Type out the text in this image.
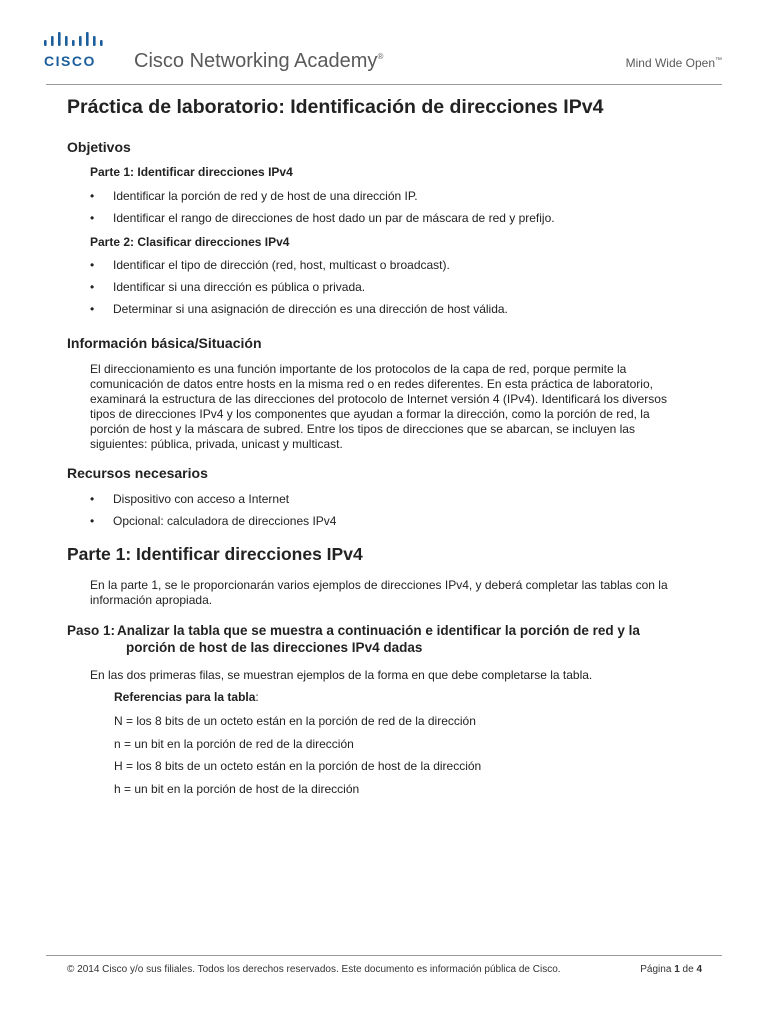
CISCO Cisco Networking Academy®	Mind Wide Open™
Práctica de laboratorio: Identificación de direcciones IPv4
Objetivos
Parte 1: Identificar direcciones IPv4
• Identificar la porción de red y de host de una dirección IP.
• Identificar el rango de direcciones de host dado un par de máscara de red y prefijo.
Parte 2: Clasificar direcciones IPv4
• Identificar el tipo de dirección (red, host, multicast o broadcast).
• Identificar si una dirección es pública o privada.
• Determinar si una asignación de dirección es una dirección de host válida.
Información básica/Situación
El direccionamiento es una función importante de los protocolos de la capa de red, porque permite la
comunicación de datos entre hosts en la misma red o en redes diferentes. En esta práctica de laboratorio,
examinará la estructura de las direcciones del protocolo de Internet versión 4 (IPv4). Identificará los diversos
tipos de direcciones IPv4 y los componentes que ayudan a formar la dirección, como la porción de red, la
porción de host y la máscara de subred. Entre los tipos de direcciones que se abarcan, se incluyen las
siguientes: pública, privada, unicast y multicast.
Recursos necesarios
• Dispositivo con acceso a Internet
• Opcional: calculadora de direcciones IPv4
Parte 1: Identificar direcciones IPv4
En la parte 1, se le proporcionarán varios ejemplos de direcciones IPv4, y deberá completar las tablas con la
información apropiada.
Paso 1: Analizar la tabla que se muestra a continuación e identificar la porción de red y la
porción de host de las direcciones IPv4 dadas
En las dos primeras filas, se muestran ejemplos de la forma en que debe completarse la tabla.
Referencias para la tabla:
N = los 8 bits de un octeto están en la porción de red de la dirección
n = un bit en la porción de red de la dirección
H = los 8 bits de un octeto están en la porción de host de la dirección
h = un bit en la porción de host de la dirección
© 2014 Cisco y/o sus filiales. Todos los derechos reservados. Este documento es información pública de Cisco.	Página 1 de 4
